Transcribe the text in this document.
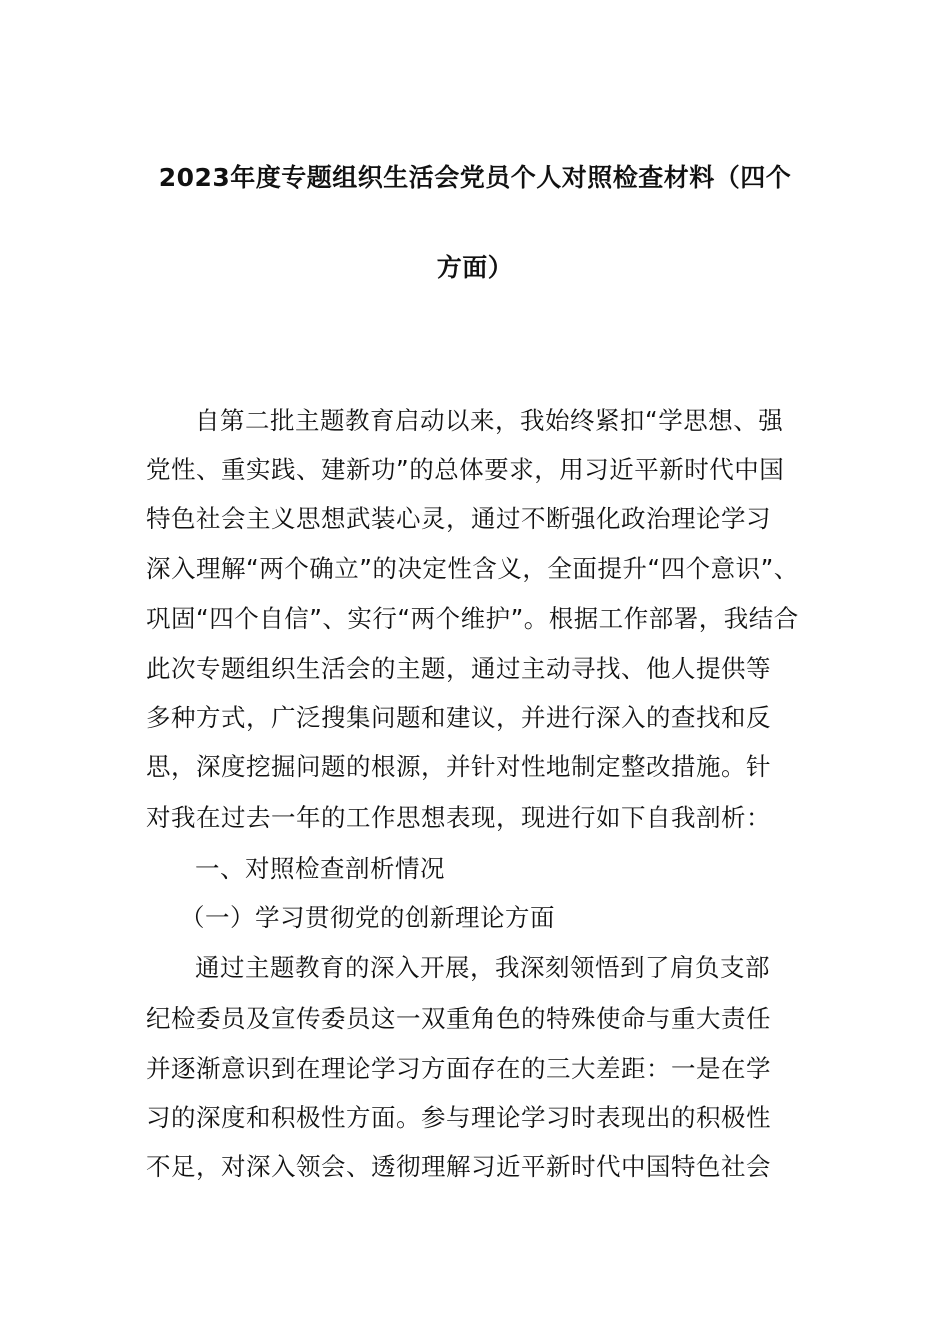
2023年度专题组织生活会党员个人对照检查材料（四个
方面）
自第二批主题教育启动以来，我始终紧扣“学思想、强
党性、重实践、建新功”的总体要求，用习近平新时代中国
特色社会主义思想武装心灵，通过不断强化政治理论学习
深入理解“两个确立”的决定性含义，全面提升“四个意识”、
巩固“四个自信”、实行“两个维护”。根据工作部署，我结合
此次专题组织生活会的主题，通过主动寻找、他人提供等
多种方式，广泛搜集问题和建议，并进行深入的查找和反
思，深度挖掘问题的根源，并针对性地制定整改措施。针
对我在过去一年的工作思想表现，现进行如下自我剖析：
一、对照检查剖析情况
（一）学习贯彻党的创新理论方面
通过主题教育的深入开展，我深刻领悟到了肩负支部
纪检委员及宣传委员这一双重角色的特殊使命与重大责任
并逐渐意识到在理论学习方面存在的三大差距：一是在学
习的深度和积极性方面。参与理论学习时表现出的积极性
不足，对深入领会、透彻理解习近平新时代中国特色社会
